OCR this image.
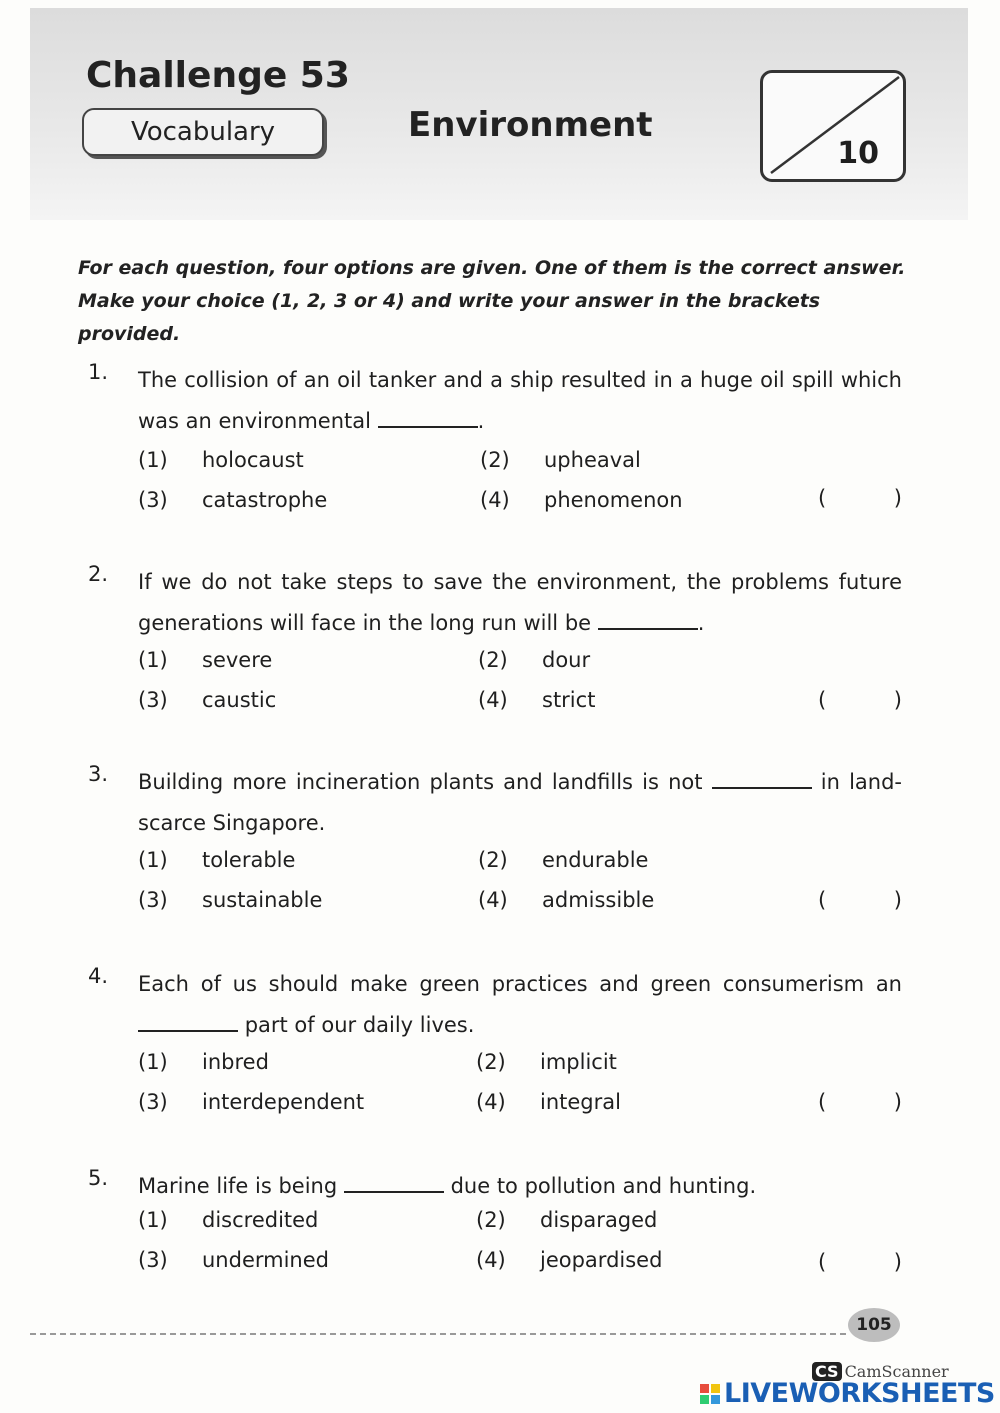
Challenge 53
Vocabulary	Environment
10
For each question, four options are given. One of them is the correct answer.
Make your choice (1, 2, 3 or 4) and write your answer in the brackets provided.
1. The collision of an oil tanker and a ship resulted in a huge oil spill which was an environmental	.
(1) holocaust	(2) upheaval
(3) catastrophe	(4) phenomenon	(	)
2. If we do not take steps to save the environment, the problems future generations will face in the long run will be	.
(1) severe	(2) dour
(3) caustic	(4) strict	(	)
3. Building more incineration plants and landfills is not	in land-scarce Singapore.
(1) tolerable	(2) endurable
(3) sustainable	(4) admissible	(	)
4. Each of us should make green practices and green consumerism an  part of our daily lives.
(1) inbred	(2) implicit
(3) interdependent	(4) integral	(	)
5. Marine life is being	due to pollution and hunting.
(1) discredited	(2) disparaged
(3) undermined	(4) jeopardised	(	)
105
CS CamScanner
LIVEWORKSHEETS
